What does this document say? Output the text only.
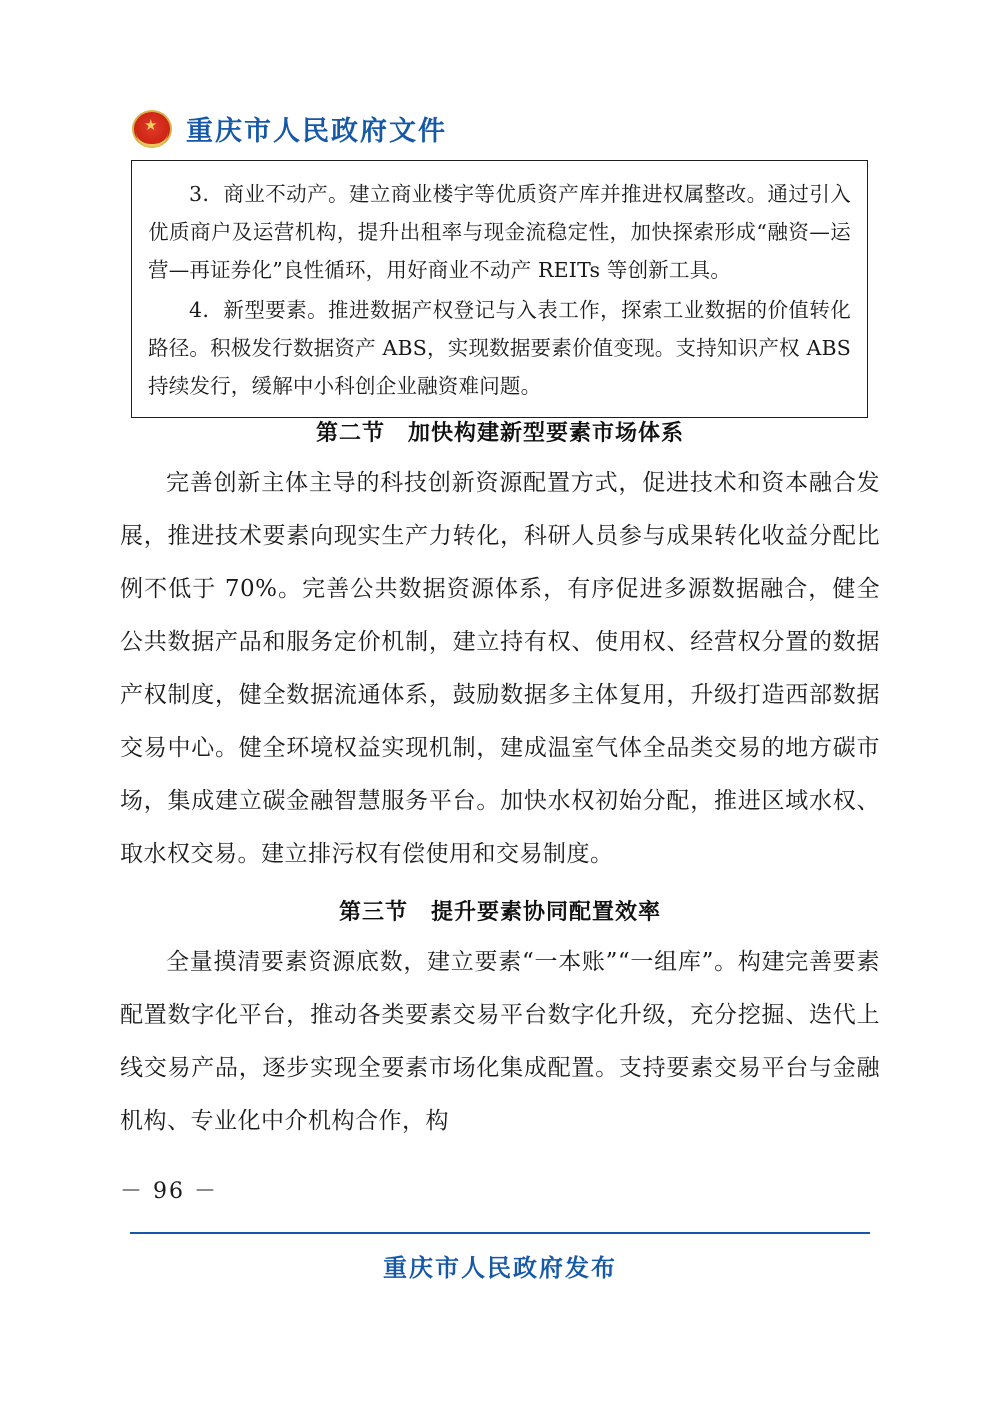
★ 重庆市人民政府文件

3．商业不动产。建立商业楼宇等优质资产库并推进权属整改。通过引入优质商户及运营机构，提升出租率与现金流稳定性，加快探索形成“融资—运营—再证券化”良性循环，用好商业不动产 REITs 等创新工具。

4．新型要素。推进数据产权登记与入表工作，探索工业数据的价值转化路径。积极发行数据资产 ABS，实现数据要素价值变现。支持知识产权 ABS 持续发行，缓解中小科创企业融资难问题。

第二节　加快构建新型要素市场体系

完善创新主体主导的科技创新资源配置方式，促进技术和资本融合发展，推进技术要素向现实生产力转化，科研人员参与成果转化收益分配比例不低于 70%。完善公共数据资源体系，有序促进多源数据融合，健全公共数据产品和服务定价机制，建立持有权、使用权、经营权分置的数据产权制度，健全数据流通体系，鼓励数据多主体复用，升级打造西部数据交易中心。健全环境权益实现机制，建成温室气体全品类交易的地方碳市场，集成建立碳金融智慧服务平台。加快水权初始分配，推进区域水权、取水权交易。建立排污权有偿使用和交易制度。

第三节　提升要素协同配置效率

全量摸清要素资源底数，建立要素“一本账”“一组库”。构建完善要素配置数字化平台，推动各类要素交易平台数字化升级，充分挖掘、迭代上线交易产品，逐步实现全要素市场化集成配置。支持要素交易平台与金融机构、专业化中介机构合作，构

－ 96 －
重庆市人民政府发布
